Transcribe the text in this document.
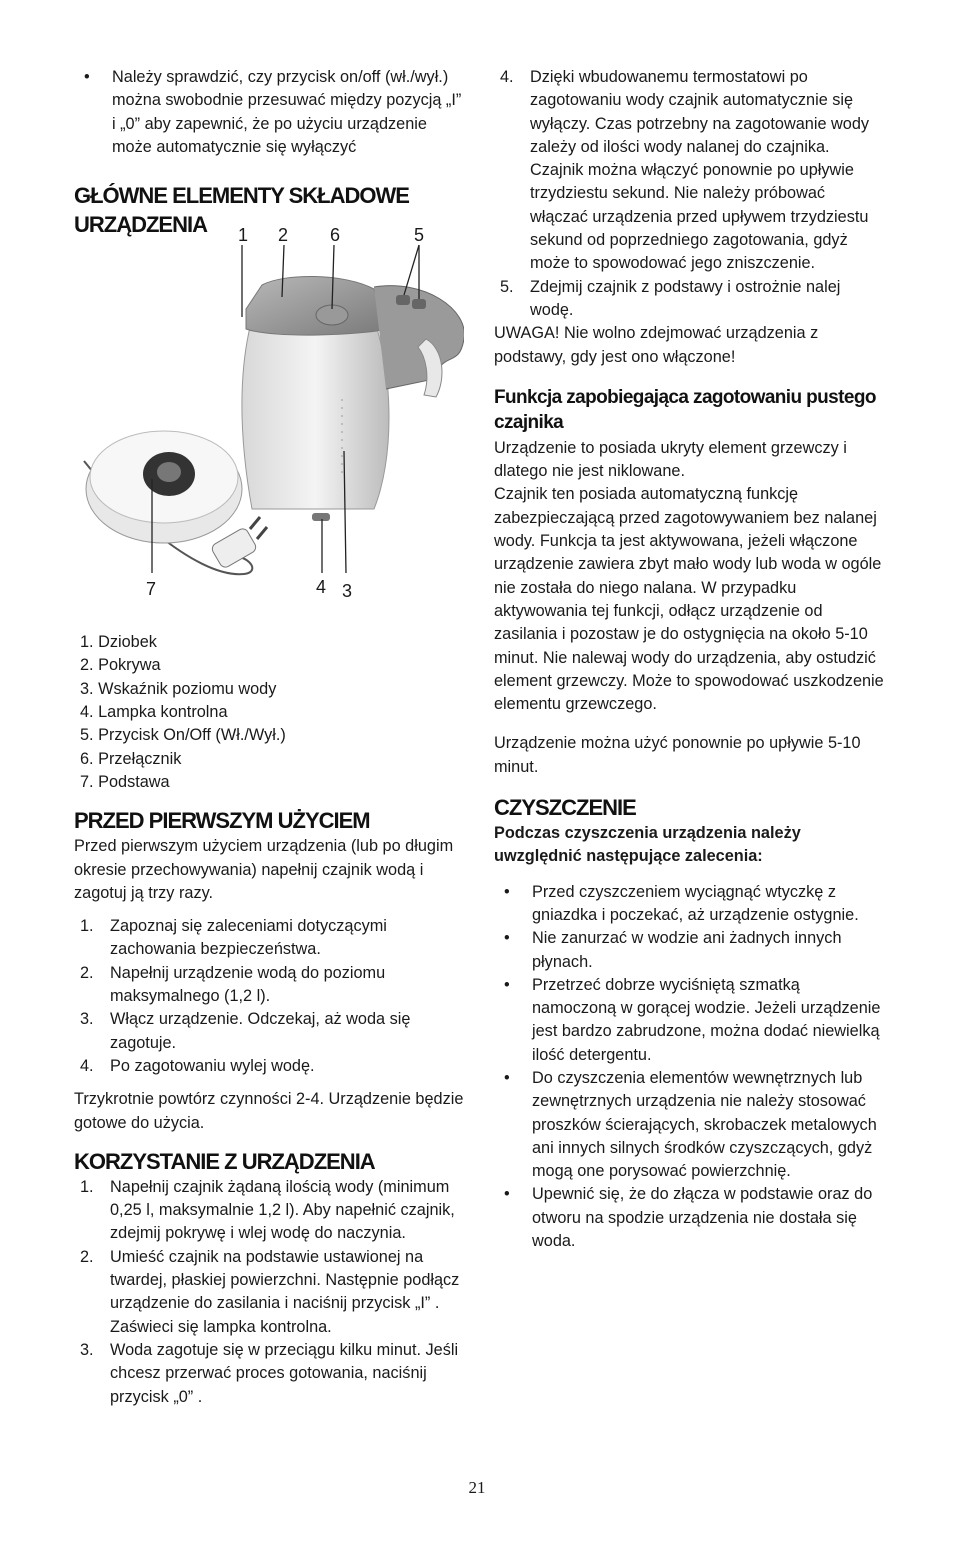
• Należy sprawdzić, czy przycisk on/off (wł./wył.) można swobodnie przesuwać między pozycją „I” i „0” aby zapewnić, że po użyciu urządzenie może automatycznie się wyłączyć
GŁÓWNE ELEMENTY SKŁADOWE URZĄDZENIA	1 2 6	5
7	4 3
1. Dziobek
2. Pokrywa
3. Wskaźnik poziomu wody
4. Lampka kontrolna
5. Przycisk On/Off (Wł./Wył.)
6. Przełącznik
7. Podstawa
PRZED PIERWSZYM UŻYCIEM

Przed pierwszym użyciem urządzenia (lub po długim okresie przechowywania) napełnij czajnik wodą i zagotuj ją trzy razy.

1. Zapoznaj się zaleceniami dotyczącymi zachowania bezpieczeństwa.
2. Napełnij urządzenie wodą do poziomu maksymalnego (1,2 l).
3. Włącz urządzenie. Odczekaj, aż woda się zagotuje.
4. Po zagotowaniu wylej wodę.

Trzykrotnie powtórz czynności 2-4. Urządzenie będzie gotowe do użycia.

KORZYSTANIE Z URZĄDZENIA
1. Napełnij czajnik żądaną ilością wody (minimum 0,25 l, maksymalnie 1,2 l). Aby napełnić czajnik, zdejmij pokrywę i wlej wodę do naczynia.
2. Umieść czajnik na podstawie ustawionej na twardej, płaskiej powierzchni. Następnie podłącz urządzenie do zasilania i naciśnij przycisk „I” . Zaświeci się lampka kontrolna.
3. Woda zagotuje się w przeciągu kilku minut. Jeśli chcesz przerwać proces gotowania, naciśnij przycisk „0” .
4. Dzięki wbudowanemu termostatowi po zagotowaniu wody czajnik automatycznie się wyłączy. Czas potrzebny na zagotowanie wody zależy od ilości wody nalanej do czajnika. Czajnik można włączyć ponownie po upływie trzydziestu sekund. Nie należy próbować włączać urządzenia przed upływem trzydziestu sekund od poprzedniego zagotowania, gdyż może to spowodować jego zniszczenie.
5. Zdejmij czajnik z podstawy i ostrożnie nalej wodę.

UWAGA! Nie wolno zdejmować urządzenia z podstawy, gdy jest ono włączone!

Funkcja zapobiegająca zagotowaniu pustego czajnika

Urządzenie to posiada ukryty element grzewczy i dlatego nie jest niklowane.

Czajnik ten posiada automatyczną funkcję zabezpieczającą przed zagotowywaniem bez nalanej wody. Funkcja ta jest aktywowana, jeżeli włączone urządzenie zawiera zbyt mało wody lub woda w ogóle nie została do niego nalana. W przypadku aktywowania tej funkcji, odłącz urządzenie od zasilania i pozostaw je do ostygnięcia na około 5-10 minut. Nie nalewaj wody do urządzenia, aby ostudzić element grzewczy. Może to spowodować uszkodzenie elementu grzewczego.

Urządzenie można użyć ponownie po upływie 5-10 minut.

CZYSZCZENIE

Podczas czyszczenia urządzenia należy uwzględnić następujące zalecenia:

• Przed czyszczeniem wyciągnąć wtyczkę z gniazdka i poczekać, aż urządzenie ostygnie.
• Nie zanurzać w wodzie ani żadnych innych płynach.
• Przetrzeć dobrze wyciśniętą szmatką namoczoną w gorącej wodzie. Jeżeli urządzenie jest bardzo zabrudzone, można dodać niewielką ilość detergentu.
• Do czyszczenia elementów wewnętrznych lub zewnętrznych urządzenia nie należy stosować proszków ścierających, skrobaczek metalowych ani innych silnych środków czyszczących, gdyż mogą one porysować powierzchnię.
• Upewnić się, że do złącza w podstawie oraz do otworu na spodzie urządzenia nie dostała się woda.
21
